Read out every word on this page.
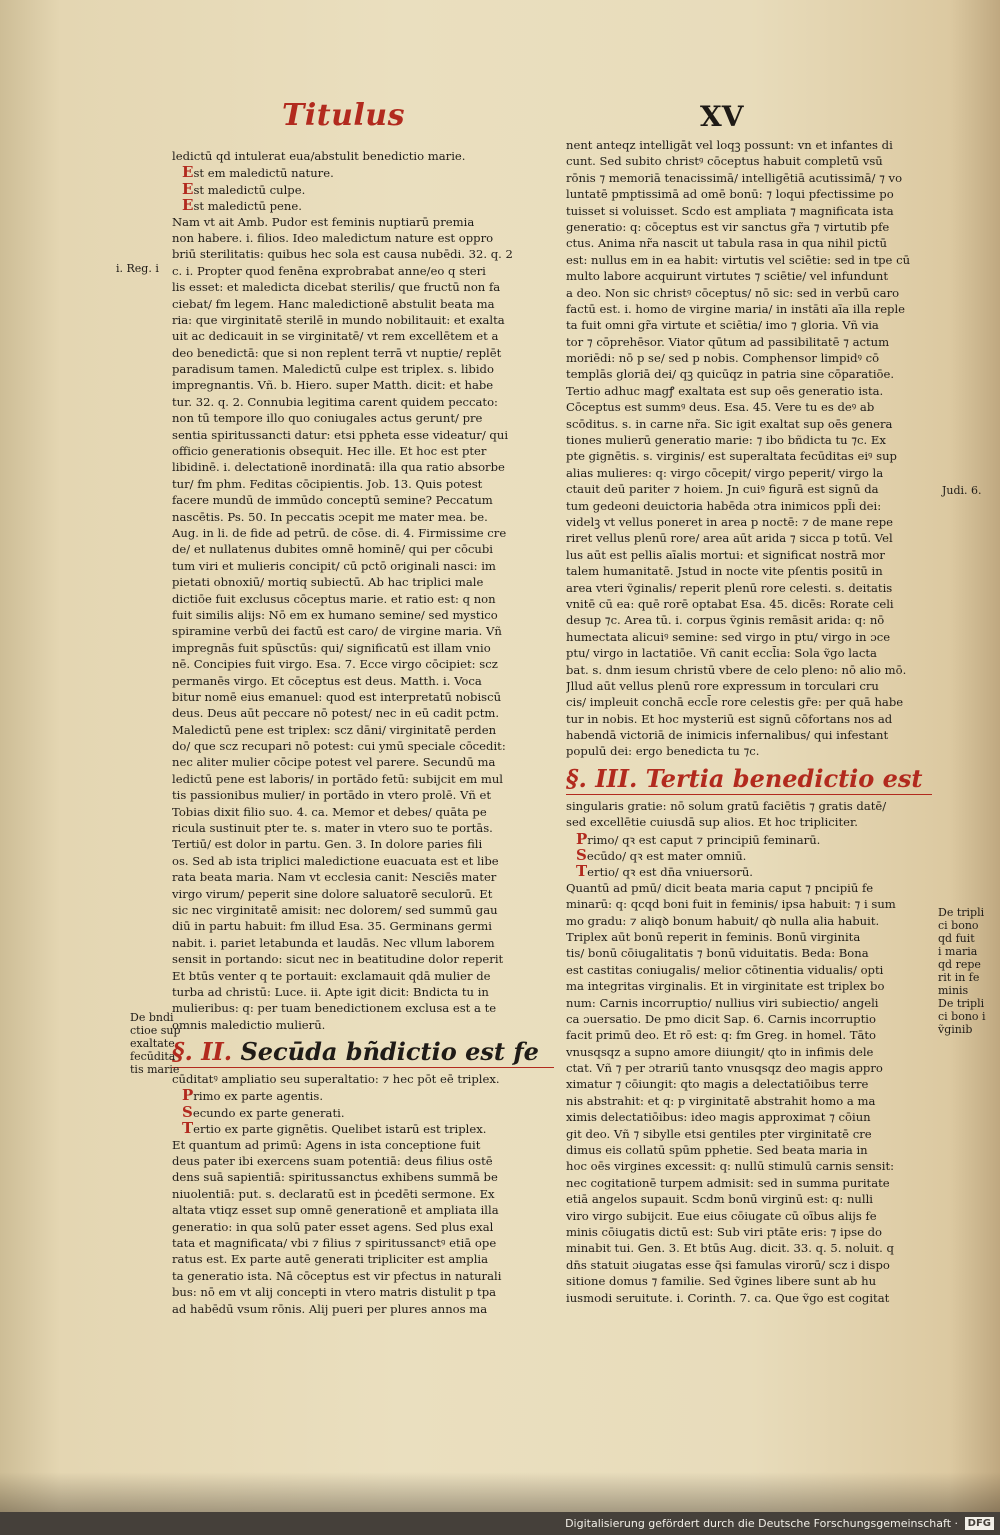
Titulus	XV
ledictū qd intulerat eua/abstulit benedictio marie.
Est em maledictū nature.
Est maledictū culpe.
Est maledictū pene.
Nam vt ait Amb. Pudor est feminis nuptiarū premia
non habere. i. filios. Ideo maledictum nature est oppro
briū sterilitatis: quibus hec sola est causa nubēdi. 32. q. 2
c. i. Propter quod fenēna exprobrabat anne/eo q steri
lis esset: et maledicta dicebat sterilis/ que fructū non fa
ciebat/ fm legem. Hanc maledictionē abstulit beata ma
ria: que virginitatē sterilē in mundo nobilitauit: et exalta
uit ac dedicauit in se virginitatē/ vt rem excellētem et a
deo benedictā: que si non replent terrā vt nuptie/ replēt
paradisum tamen. Maledictū culpe est triplex. s. libido
impregnantis. Vñ. b. Hiero. super Matth. dicit: et habe
tur. 32. q. 2. Connubia legitima carent quidem peccato:
non tū tempore illo quo coniugales actus gerunt/ pre
sentia spiritussancti datur: etsi ppheta esse videatur/ qui
officio generationis obsequit. Hec ille. Et hoc est pter
libidinē. i. delectationē inordinatā: illa qua ratio absorbe
tur/ fm phm. Feditas cōcipientis. Job. 13. Quis potest
facere mundū de immūdo conceptū semine? Peccatum
nascētis. Ps. 50. In peccatis ɔcepit me mater mea. be.
Aug. in li. de fide ad petrū. de cōse. di. 4. Firmissime cre
de/ et nullatenus dubites omnē hominē/ qui per cōcubi
tum viri et mulieris concipit/ cū pctō originali nasci: im
pietati obnoxiū/ mortiq subiectū. Ab hac triplici male
dictiōe fuit exclusus cōceptus marie. et ratio est: q non
fuit similis alijs: Nō em ex humano semine/ sed mystico
spiramine verbū dei factū est caro/ de virgine maria. Vñ
impregnās fuit spūsctūs: qui/ significatū est illam vnio
nē. Concipies fuit virgo. Esa. 7. Ecce virgo cōcipiet: scz
permanēs virgo. Et cōceptus est deus. Matth. i. Voca
bitur nomē eius emanuel: quod est interpretatū nobiscū
deus. Deus aūt peccare nō potest/ nec in eū cadit pctm.
Maledictū pene est triplex: scz dāni/ virginitatē perden
do/ que scz recupari nō potest: cui ymū speciale cōcedit:
nec aliter mulier cōcipe potest vel parere. Secundū ma
ledictū pene est laboris/ in portādo fetū: subijcit em mul
tis passionibus mulier/ in portādo in vtero prolē. Vñ et
Tobias dixit filio suo. 4. ca. Memor et debes/ quāta pe
ricula sustinuit pter te. s. mater in vtero suo te portās.
Tertiū/ est dolor in partu. Gen. 3. In dolore paries fili
os. Sed ab ista triplici maledictione euacuata est et libe
rata beata maria. Nam vt ecclesia canit: Nesciēs mater
virgo virum/ peperit sine dolore saluatorē seculorū. Et
sic nec virginitatē amisit: nec dolorem/ sed summū gau
diū in partu habuit: fm illud Esa. 35. Germinans germi
nabit. i. pariet letabunda et laudās. Nec vllum laborem
sensit in portando: sicut nec in beatitudine dolor reperit
Et btūs venter q te portauit: exclamauit qdā mulier de
turba ad christū: Luce. ii. Apte igit dicit: Bndicta tu in
mulieribus: q: per tuam benedictionem exclusa est a te
omnis maledictio mulierū.
§. II. Secūda bñdictio est fe
cūditatꝰ ampliatio seu superaltatio: ⁊ hec pōt eē triplex.
Primo ex parte agentis.
Secundo ex parte generati.
Tertio ex parte gignētis. Quelibet istarū est triplex.
Et quantum ad primū: Agens in ista conceptione fuit
deus pater ibi exercens suam potentiā: deus filius ostē
dens suā sapientiā: spiritussanctus exhibens summā be
niuolentiā: put. s. declaratū est in ṗcedēti sermone. Ex
altata vtiqz esset sup omnē generationē et ampliata illa
generatio: in qua solū pater esset agens. Sed plus exal
tata et magnificata/ vbi ⁊ filius ⁊ spiritussanctꝰ etiā ope
ratus est. Ex parte autē generati tripliciter est amplia
ta generatio ista. Nā cōceptus est vir pfectus in naturali
bus: nō em vt alij concepti in vtero matris distulit p tpa
ad habēdū vsum rōnis. Alij pueri per plures annos ma
nent anteqz intelligāt vel loqꝫ possunt: vn et infantes di
cunt. Sed subito christꝰ cōceptus habuit completū vsū
rōnis ⁊ memoriā tenacissimā/ intelligētiā acutissimā/ ⁊ vo
luntatē pmptissimā ad omē bonū: ⁊ loqui pfectissime po
tuisset si voluisset. Scdo est ampliata ⁊ magnificata ista
generatio: q: cōceptus est vir sanctus gr̃a ⁊ virtutib pfe
ctus. Anima nr̃a nascit ut tabula rasa in qua nihil pictū
est: nullus em in ea habit: virtutis vel sciētie: sed in tpe cū
multo labore acquirunt virtutes ⁊ sciētie/ vel infundunt
a deo. Non sic christꝰ cōceptus/ nō sic: sed in verbū caro
factū est. i. homo de virgine maria/ in instāti aīa illa reple
ta fuit omni gr̃a virtute et sciētia/ imo ⁊ gloria. Vñ via
tor ⁊ cōprehēsor. Viator qūtum ad passibilitatē ⁊ actum
moriēdi: nō p se/ sed p nobis. Comphensor limpidꝰ cō
templās gloriā dei/ qꝫ quicūqz in patria sine cōparatiōe.
Tertio adhuc magꝭ exaltata est sup oēs generatio ista.
Cōceptus est summꝰ deus. Esa. 45. Vere tu es deꝰ ab
scōditus. s. in carne nr̃a. Sic igit exaltat sup oēs genera
tiones mulierū generatio marie: ⁊ ibo bñdicta tu ⁊c. Ex
pte gignētis. s. virginis/ est superaltata fecūditas eiꝰ sup
alias mulieres: q: virgo cōcepit/ virgo peperit/ virgo la
ctauit deū pariter ⁊ hoiem. Jn cuiꝰ figurā est signū da
tum gedeoni deuictoria habēda ɔtra inimicos ppl̄i dei:
videlꝫ vt vellus poneret in area p noctē: ⁊ de mane repe
riret vellus plenū rore/ area aūt arida ⁊ sicca p totū. Vel
lus aūt est pellis aīalis mortui: et significat nostrā mor
talem humanitatē. Jstud in nocte vite pſentis positū in
area vteri ṽginalis/ reperit plenū rore celesti. s. deitatis
vnitē cū ea: quē rorē optabat Esa. 45. dicēs: Rorate celi
desup ⁊c. Area tū. i. corpus ṽginis remāsit arida: q: nō
humectata alicuiꝰ semine: sed virgo in ptu/ virgo in ɔce
ptu/ virgo in lactatiōe. Vñ canit eccl̄ia: Sola ṽgo lacta
bat. s. dnm iesum christū vbere de celo pleno: nō alio mō.
Jllud aūt vellus plenū rore expressum in torculari cru
cis/ impleuit conchā eccl̄e rore celestis gr̄e: per quā habe
tur in nobis. Et hoc mysteriū est signū cōfortans nos ad
habendā victoriā de inimicis infernalibus/ qui infestant
populū dei: ergo benedicta tu ⁊c.
§. III. Tertia benedictio est
singularis gratie: nō solum gratū faciētis ⁊ gratis datē/
sed excellētie cuiusdā sup alios. Et hoc tripliciter.
Primo/ qꝛ est caput ⁊ principiū feminarū.
Secūdo/ qꝛ est mater omniū.
Tertio/ qꝛ est dn̄a vniuersorū.
Quantū ad pmū/ dicit beata maria caput ⁊ pncipiū fe
minarū: q: qcqd boni fuit in feminis/ ipsa habuit: ⁊ i sum
mo gradu: ⁊ aliqꝺ bonum habuit/ qꝺ nulla alia habuit.
Triplex aūt bonū reperit in feminis. Bonū virginita
tis/ bonū cōiugalitatis ⁊ bonū viduitatis. Beda: Bona
est castitas coniugalis/ melior cōtinentia vidualis/ opti
ma integritas virginalis. Et in virginitate est triplex bo
num: Carnis incorruptio/ nullius viri subiectio/ angeli
ca ɔuersatio. De pmo dicit Sap. 6. Carnis incorruptio
facit primū deo. Et rō est: q: fm Greg. in homel. Tāto
vnusqsqz a supno amore diiungit/ qto in infimis dele
ctat. Vñ ⁊ per ɔtrariū tanto vnusqsqz deo magis appro
ximatur ⁊ cōiungit: qto magis a delectatiōibus terre
nis abstrahit: et q: p virginitatē abstrahit homo a ma
ximis delectatiōibus: ideo magis approximat ⁊ cōiun
git deo. Vñ ⁊ sibylle etsi gentiles pter virginitatē cre
dimus eis collatū spūm pphetie. Sed beata maria in
hoc oēs virgines excessit: q: nullū stimulū carnis sensit:
nec cogitationē turpem admisit: sed in summa puritate
etiā angelos supauit. Scdm bonū virginū est: q: nulli
viro virgo subijcit. Eue eius cōiugate cū oībus alijs fe
minis cōiugatis dictū est: Sub viri ptāte eris: ⁊ ipse do
minabit tui. Gen. 3. Et btūs Aug. dicit. 33. q. 5. noluit. q
dn̄s statuit ɔiugatas esse q̄si famulas virorū/ scz i dispo
sitione domus ⁊ familie. Sed ṽgines libere sunt ab hu
iusmodi seruitute. i. Corinth. 7. ca. Que ṽgo est cogitat
i. Reg. i
De bndi
ctioe sup
exaltate
fecūdita
tis marie
Judi. 6.
De tripli
ci bono
qd fuit
i maria
qd repe
rit in fe
minis
De tripli
ci bono i
ṽginib
Digitalisierung gefördert durch die Deutsche Forschungsgemeinschaft · DFG
